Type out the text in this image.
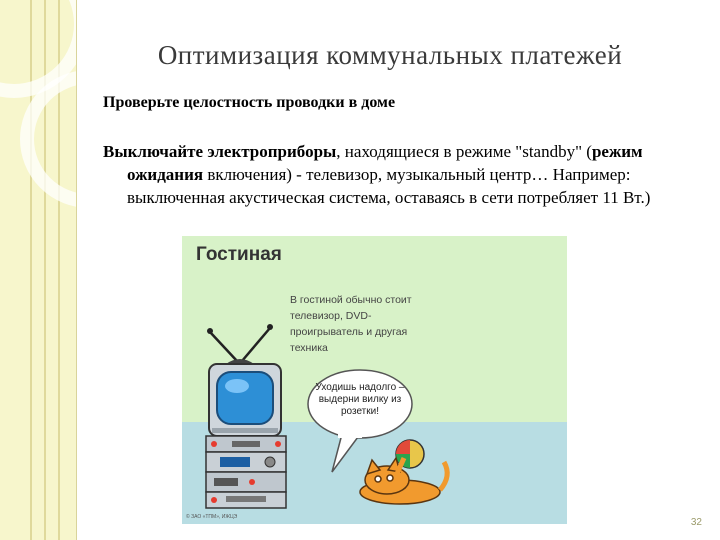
Оптимизация коммунальных платежей
Проверьте целостность проводки в доме
Выключайте электроприборы, находящиеся в режиме "standby" (режим ожидания включения) - телевизор, музыкальный центр… Например: выключенная акустическая система, оставаясь в сети потребляет 11 Вт.)
Гостиная
В гостиной обычно стоит телевизор, DVD-проигрыватель и другая техника
Уходишь надолго – выдерни вилку из розетки!
© ЗАО «ТПМ», ИЖЦЭ	32
